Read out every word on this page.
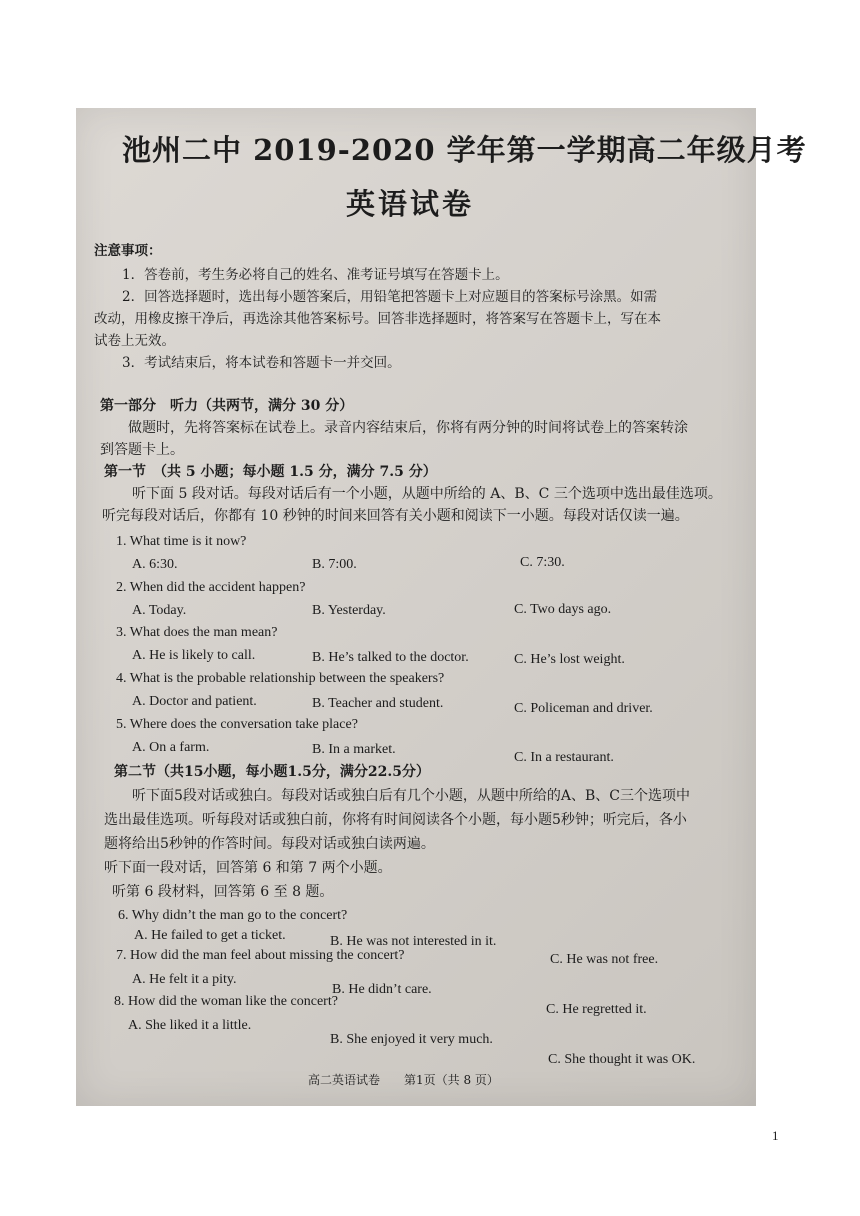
池州二中 2019-2020 学年第一学期高二年级月考
英语试卷
注意事项：
1．答卷前，考生务必将自己的姓名、准考证号填写在答题卡上。
2．回答选择题时，选出每小题答案后，用铅笔把答题卡上对应题目的答案标号涂黑。如需
改动，用橡皮擦干净后，再选涂其他答案标号。回答非选择题时，将答案写在答题卡上，写在本
试卷上无效。
3．考试结束后，将本试卷和答题卡一并交回。
第一部分　听力（共两节，满分 30 分）
做题时，先将答案标在试卷上。录音内容结束后，你将有两分钟的时间将试卷上的答案转涂
到答题卡上。
第一节　（共 5 小题；每小题 1.5 分，满分 7.5 分）
听下面 5 段对话。每段对话后有一个小题，从题中所给的 A、B、C 三个选项中选出最佳选项。
听完每段对话后，你都有 10 秒钟的时间来回答有关小题和阅读下一小题。每段对话仅读一遍。
1. What time is it now?
A. 6:30.	B. 7:00.	C. 7:30.
2. When did the accident happen?
A. Today.	B. Yesterday.	C. Two days ago.
3. What does the man mean?
A. He is likely to call.	B. He’s talked to the doctor.	C. He’s lost weight.
4. What is the probable relationship between the speakers?
A. Doctor and patient.	B. Teacher and student.	C. Policeman and driver.
5. Where does the conversation take place?
A. On a farm.	B. In a market.
C. In a restaurant.
第二节（共15小题，每小题1.5分，满分22.5分）
听下面5段对话或独白。每段对话或独白后有几个小题，从题中所给的A、B、C三个选项中
选出最佳选项。听每段对话或独白前，你将有时间阅读各个小题，每小题5秒钟；听完后，各小
题将给出5秒钟的作答时间。每段对话或独白读两遍。
听下面一段对话，回答第 6 和第 7 两个小题。
听第 6 段材料，回答第 6 至 8 题。
6. Why didn’t the man go to the concert?
A. He failed to get a ticket.	B. He was not interested in it.
C. He was not free.
7. How did the man feel about missing the concert?
A. He felt it a pity.
B. He didn’t care.
C. He regretted it.
8. How did the woman like the concert?
A. She liked it a little.
B. She enjoyed it very much.
C. She thought it was OK.
高二英语试卷　　第1页（共 8 页）
1
